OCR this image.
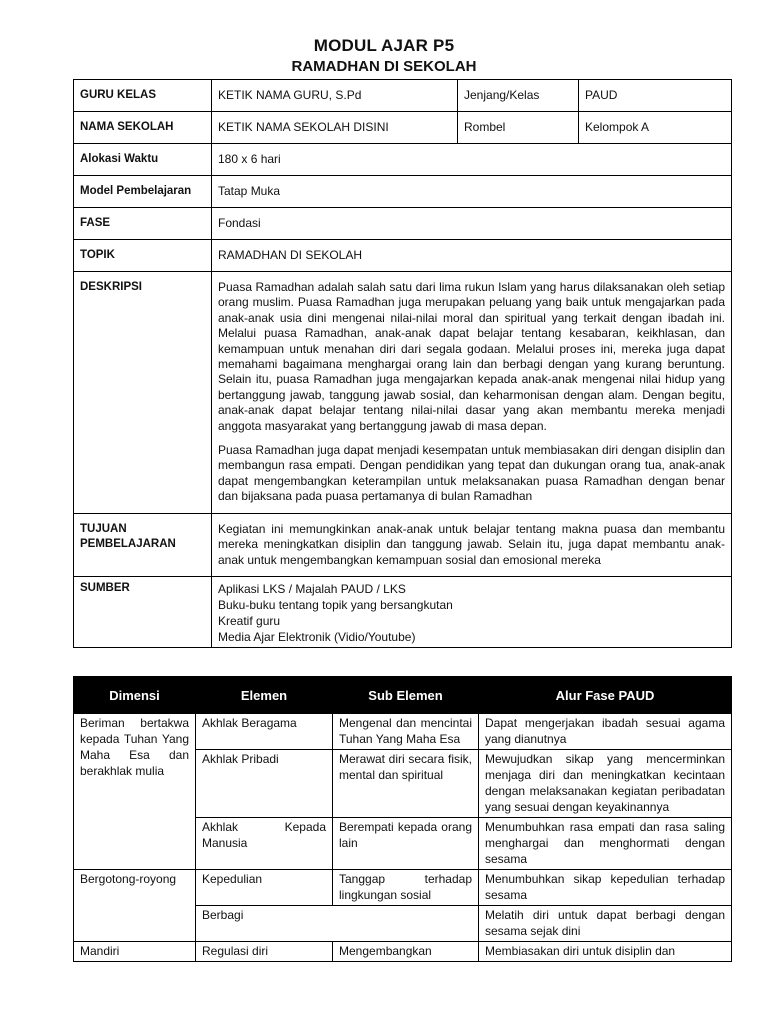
MODUL AJAR P5
RAMADHAN DI SEKOLAH
GURU KELAS	KETIK NAMA GURU, S.Pd	Jenjang/Kelas	PAUD
NAMA SEKOLAH	KETIK NAMA SEKOLAH DISINI	Rombel	Kelompok A
Alokasi Waktu	180 x 6 hari		
Model Pembelajaran	Tatap Muka		
FASE	Fondasi		
TOPIK	RAMADHAN DI SEKOLAH		
DESKRIPSI	Puasa Ramadhan adalah salah satu dari lima rukun Islam yang harus dilaksanakan oleh setiap orang muslim. Puasa Ramadhan juga merupakan peluang yang baik untuk mengajarkan pada anak-anak usia dini mengenai nilai-nilai moral dan spiritual yang terkait dengan ibadah ini. Melalui puasa Ramadhan, anak-anak dapat belajar tentang kesabaran, keikhlasan, dan kemampuan untuk menahan diri dari segala godaan. Melalui proses ini, mereka juga dapat memahami bagaimana menghargai orang lain dan berbagi dengan yang kurang beruntung. Selain itu, puasa Ramadhan juga mengajarkan kepada anak-anak mengenai nilai hidup yang bertanggung jawab, tanggung jawab sosial, dan keharmonisan dengan alam. Dengan begitu, anak-anak dapat belajar tentang nilai-nilai dasar yang akan membantu mereka menjadi anggota masyarakat yang bertanggung jawab di masa depan.

Puasa Ramadhan juga dapat menjadi kesempatan untuk membiasakan diri dengan disiplin dan membangun rasa empati. Dengan pendidikan yang tepat dan dukungan orang tua, anak-anak dapat mengembangkan keterampilan untuk melaksanakan puasa Ramadhan dengan benar dan bijaksana pada puasa pertamanya di bulan Ramadhan		

TUJUAN PEMBELAJARAN	Kegiatan ini memungkinkan anak-anak untuk belajar tentang makna puasa dan membantu mereka meningkatkan disiplin dan tanggung jawab. Selain itu, juga dapat membantu anak-anak untuk mengembangkan kemampuan sosial dan emosional mereka		
SUMBER	Aplikasi LKS / Majalah PAUD / LKS
Buku-buku tentang topik yang bersangkutan
Kreatif guru
Media Ajar Elektronik (Vidio/Youtube)		
Dimensi	Elemen	Sub Elemen	Alur Fase PAUD
Beriman bertakwa kepada Tuhan Yang Maha Esa dan berakhlak mulia	Akhlak Beragama	Mengenal dan mencintai Tuhan Yang Maha Esa	Dapat mengerjakan ibadah sesuai agama yang dianutnya
	Akhlak Pribadi	Merawat diri secara fisik, mental dan spiritual	Mewujudkan sikap yang mencerminkan menjaga diri dan meningkatkan kecintaan dengan melaksanakan kegiatan peribadatan yang sesuai dengan keyakinannya
	Akhlak Kepada Manusia	Berempati kepada orang lain	Menumbuhkan rasa empati dan rasa saling menghargai dan menghormati dengan sesama
Bergotong-royong	Kepedulian	Tanggap terhadap lingkungan sosial	Menumbuhkan sikap kepedulian terhadap sesama
	Berbagi		Melatih diri untuk dapat berbagi dengan sesama sejak dini
Mandiri	Regulasi diri	Mengembangkan	Membiasakan diri untuk disiplin dan
